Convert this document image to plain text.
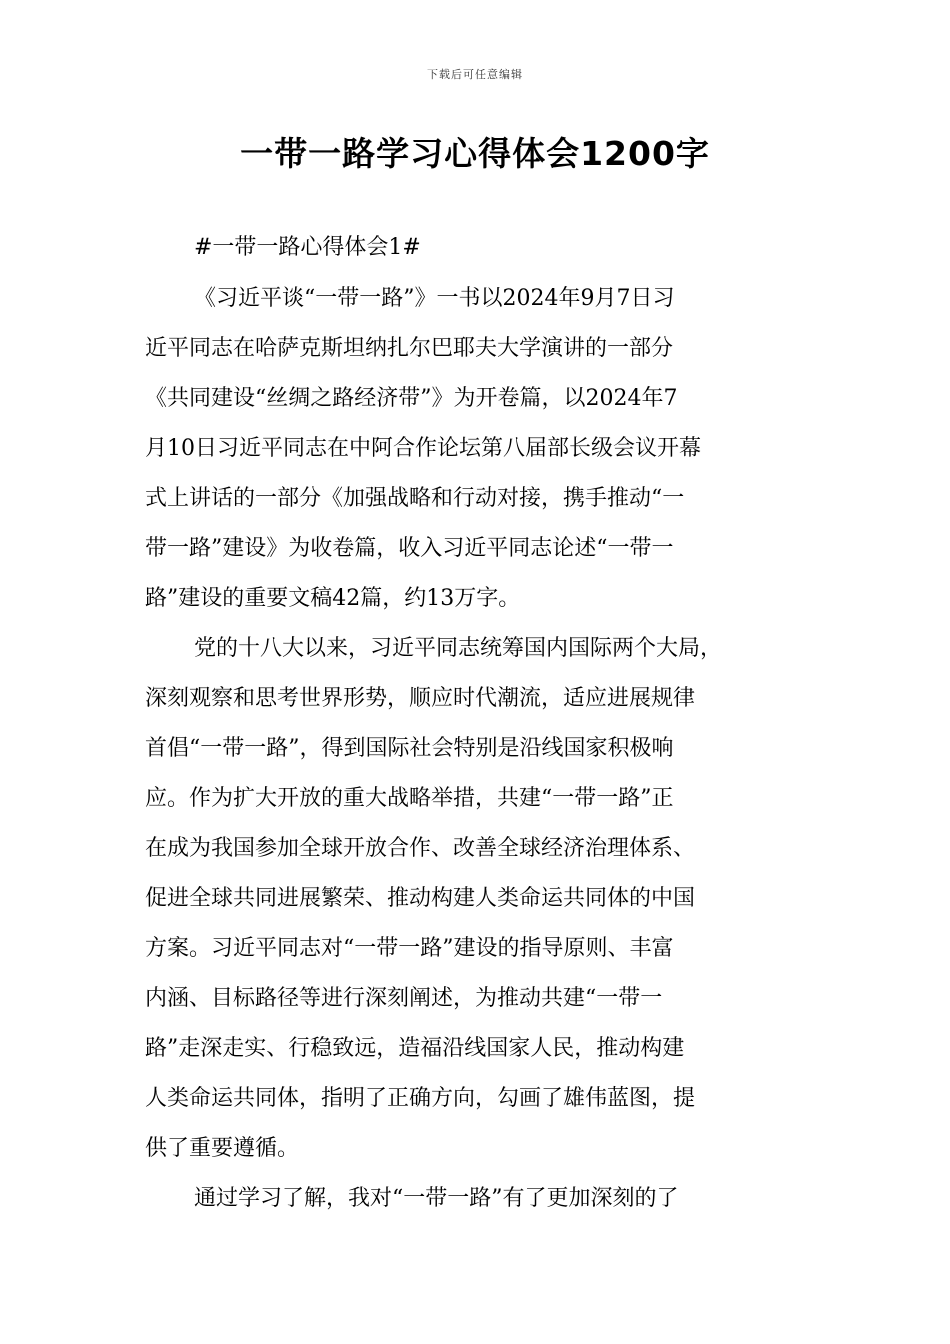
下载后可任意编辑
一带一路学习心得体会1200字

#一带一路心得体会1#

《习近平谈“一带一路”》一书以2024年9月7日习

近平同志在哈萨克斯坦纳扎尔巴耶夫大学演讲的一部分

《共同建设“丝绸之路经济带”》为开卷篇，以2024年7

月10日习近平同志在中阿合作论坛第八届部长级会议开幕

式上讲话的一部分《加强战略和行动对接，携手推动“一

带一路”建设》为收卷篇，收入习近平同志论述“一带一

路”建设的重要文稿42篇，约13万字。

党的十八大以来，习近平同志统筹国内国际两个大局，

深刻观察和思考世界形势，顺应时代潮流，适应进展规律

首倡“一带一路”，得到国际社会特别是沿线国家积极响

应。作为扩大开放的重大战略举措，共建“一带一路”正

在成为我国参加全球开放合作、改善全球经济治理体系、

促进全球共同进展繁荣、推动构建人类命运共同体的中国

方案。习近平同志对“一带一路”建设的指导原则、丰富

内涵、目标路径等进行深刻阐述，为推动共建“一带一

路”走深走实、行稳致远，造福沿线国家人民，推动构建

人类命运共同体，指明了正确方向，勾画了雄伟蓝图，提

供了重要遵循。

通过学习了解，我对“一带一路”有了更加深刻的了
